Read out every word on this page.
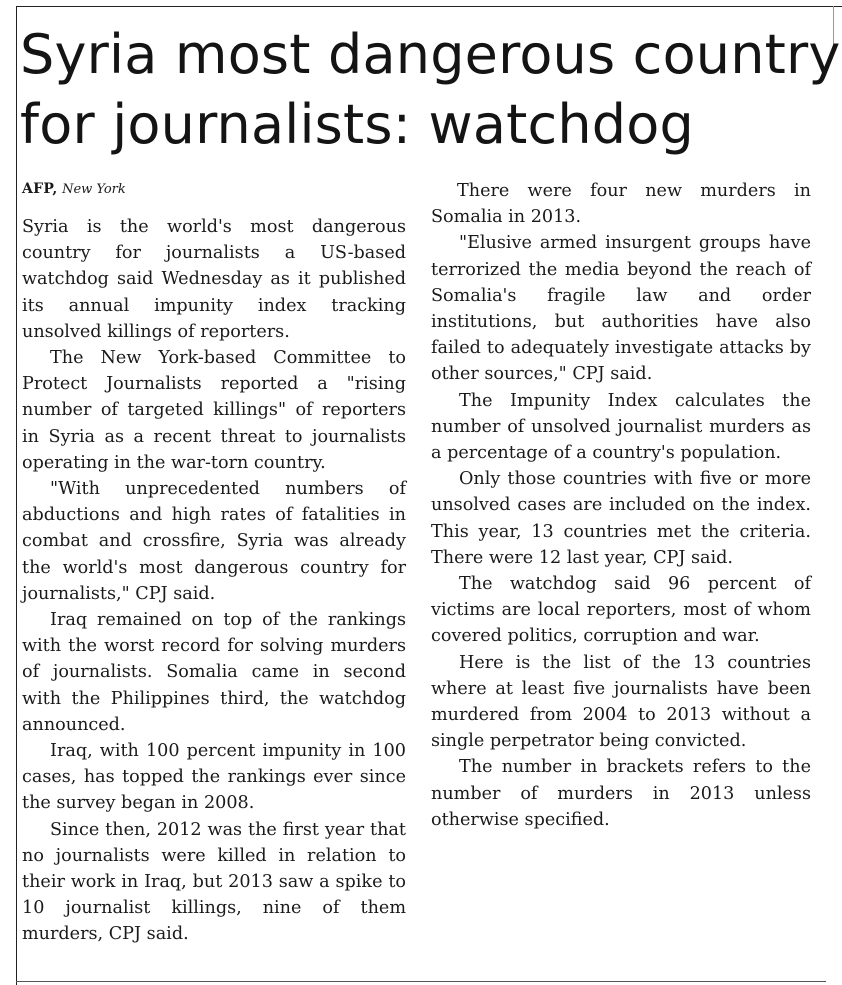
Syria most dangerous country
for journalists: watchdog

AFP, New York

Syria is the world's most dangerous country for journalists a US-based watchdog said Wednesday as it published its annual impunity index tracking unsolved killings of reporters.

The New York-based Committee to Protect Journalists reported a "rising number of targeted killings" of reporters in Syria as a recent threat to journalists operating in the war-torn country.

"With unprecedented numbers of abductions and high rates of fatalities in combat and crossfire, Syria was already the world's most dangerous country for journalists," CPJ said.

Iraq remained on top of the rankings with the worst record for solving murders of journalists. Somalia came in second with the Philippines third, the watchdog announced.

Iraq, with 100 percent impunity in 100 cases, has topped the rankings ever since the survey began in 2008.

Since then, 2012 was the first year that no journalists were killed in relation to their work in Iraq, but 2013 saw a spike to 10 journalist killings, nine of them murders, CPJ said.

There were four new murders in Somalia in 2013.

"Elusive armed insurgent groups have terrorized the media beyond the reach of Somalia's fragile law and order institutions, but authorities have also failed to adequately investigate attacks by other sources," CPJ said.

The Impunity Index calculates the number of unsolved journalist murders as a percentage of a country's population.

Only those countries with five or more unsolved cases are included on the index. This year, 13 countries met the criteria. There were 12 last year, CPJ said.

The watchdog said 96 percent of victims are local reporters, most of whom covered politics, corruption and war.

Here is the list of the 13 countries where at least five journalists have been murdered from 2004 to 2013 without a single perpetrator being convicted.

The number in brackets refers to the number of murders in 2013 unless otherwise specified.
